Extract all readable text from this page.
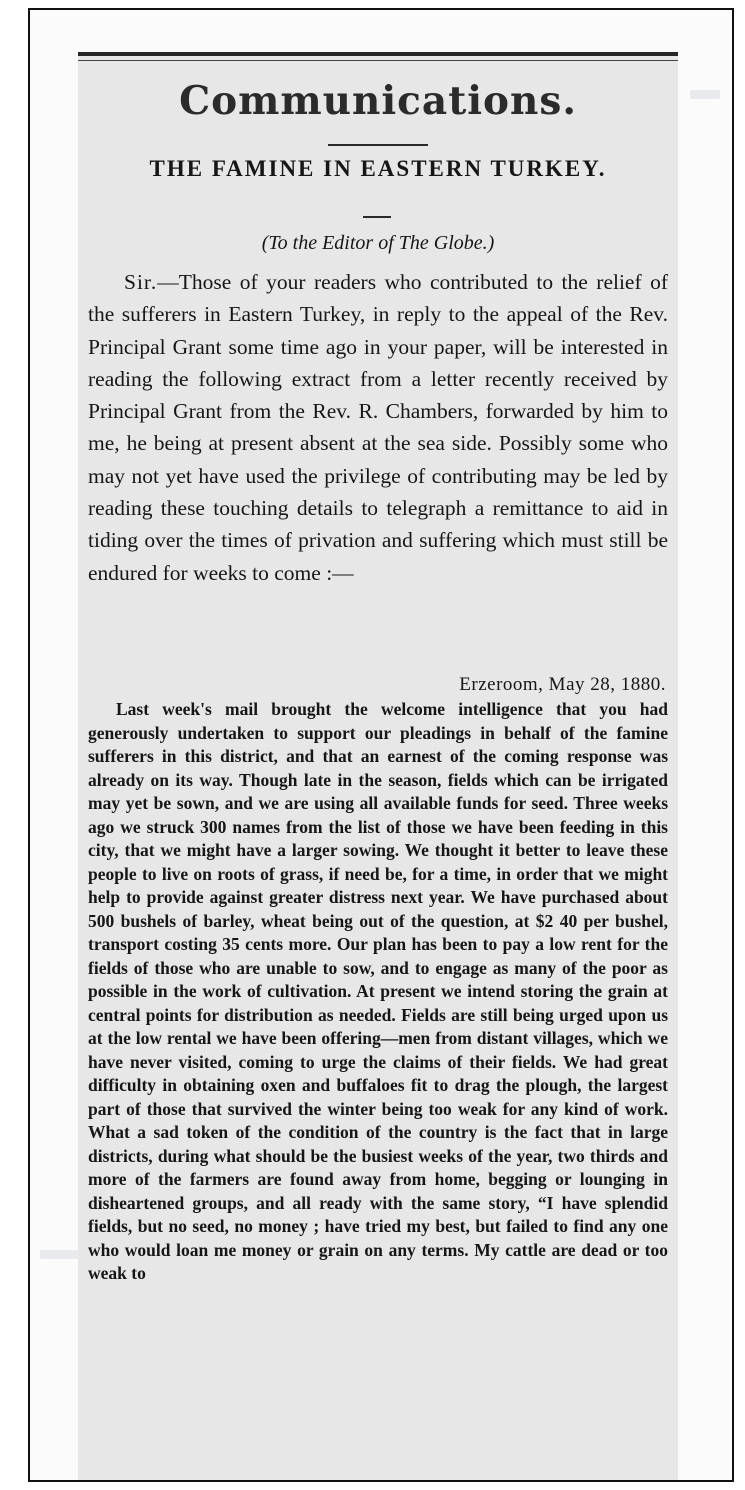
Communications.
THE FAMINE IN EASTERN TURKEY.
(To the Editor of The Globe.)
Sir.—Those of your readers who contributed to the relief of the sufferers in Eastern Turkey, in reply to the appeal of the Rev. Principal Grant some time ago in your paper, will be interested in reading the following extract from a letter recently received by Principal Grant from the Rev. R. Chambers, forwarded by him to me, he being at present absent at the sea side. Possibly some who may not yet have used the privilege of contributing may be led by reading these touching details to telegraph a remittance to aid in tiding over the times of privation and suffering which must still be endured for weeks to come :—
Erzeroom, May 28, 1880.
Last week's mail brought the welcome intelligence that you had generously undertaken to support our pleadings in behalf of the famine sufferers in this district, and that an earnest of the coming response was already on its way. Though late in the season, fields which can be irrigated may yet be sown, and we are using all available funds for seed. Three weeks ago we struck 300 names from the list of those we have been feeding in this city, that we might have a larger sowing. We thought it better to leave these people to live on roots of grass, if need be, for a time, in order that we might help to provide against greater distress next year. We have purchased about 500 bushels of barley, wheat being out of the question, at $2 40 per bushel, transport costing 35 cents more. Our plan has been to pay a low rent for the fields of those who are unable to sow, and to engage as many of the poor as possible in the work of cultivation. At present we intend storing the grain at central points for distribution as needed. Fields are still being urged upon us at the low rental we have been offering—men from distant villages, which we have never visited, coming to urge the claims of their fields. We had great difficulty in obtaining oxen and buffaloes fit to drag the plough, the largest part of those that survived the winter being too weak for any kind of work. What a sad token of the condition of the country is the fact that in large districts, during what should be the busiest weeks of the year, two thirds and more of the farmers are found away from home, begging or lounging in disheartened groups, and all ready with the same story, “I have splendid fields, but no seed, no money ; have tried my best, but failed to find any one who would loan me money or grain on any terms. My cattle are dead or too weak to
